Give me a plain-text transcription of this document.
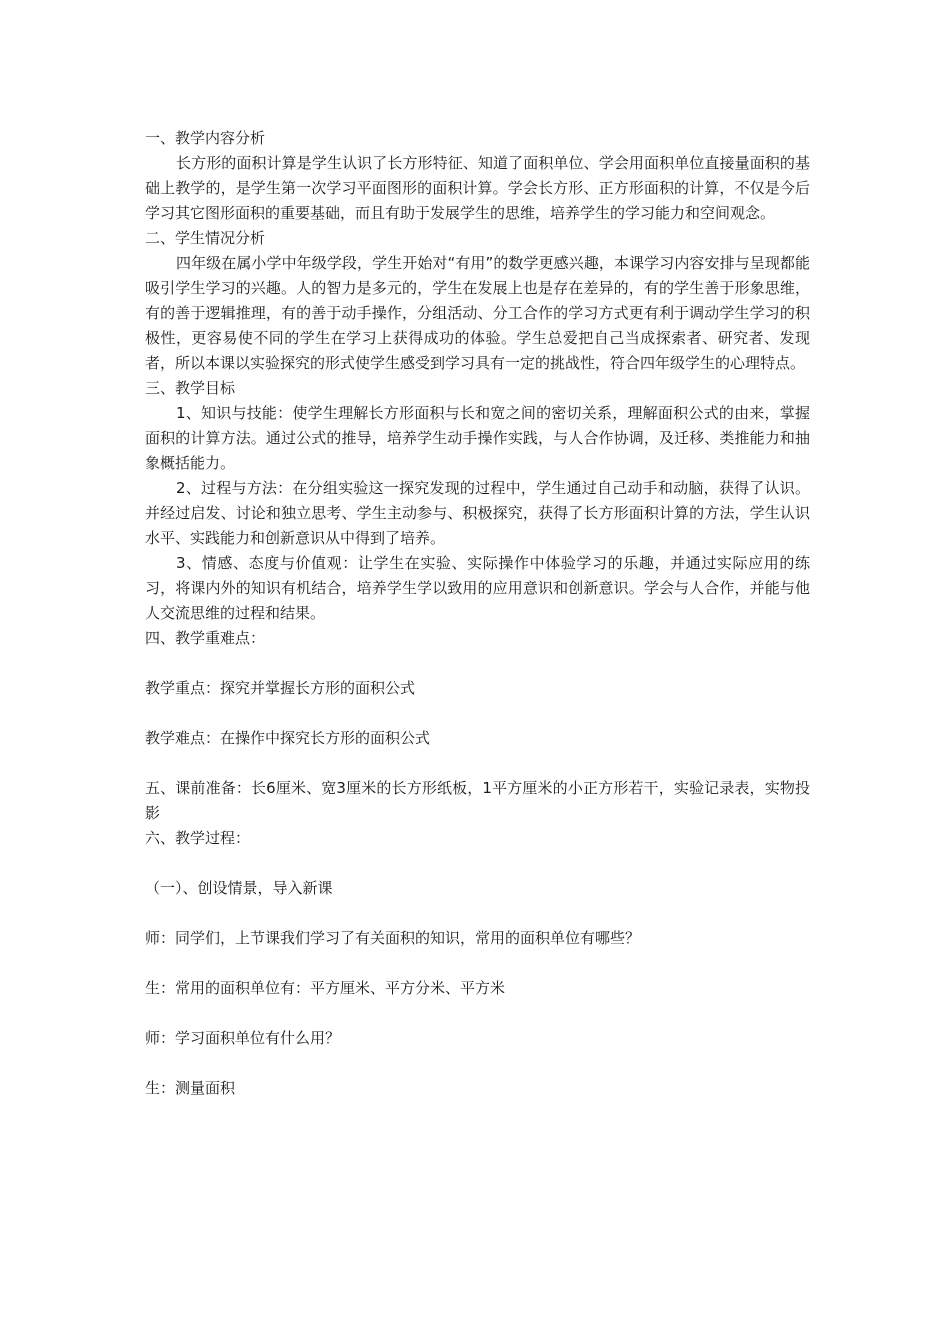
一、教学内容分析

长方形的面积计算是学生认识了长方形特征、知道了面积单位、学会用面积单位直接量面积的基础上教学的，是学生第一次学习平面图形的面积计算。学会长方形、正方形面积的计算，不仅是今后学习其它图形面积的重要基础，而且有助于发展学生的思维，培养学生的学习能力和空间观念。

二、学生情况分析

四年级在属小学中年级学段，学生开始对“有用”的数学更感兴趣，本课学习内容安排与呈现都能吸引学生学习的兴趣。人的智力是多元的，学生在发展上也是存在差异的，有的学生善于形象思维，有的善于逻辑推理，有的善于动手操作，分组活动、分工合作的学习方式更有利于调动学生学习的积极性，更容易使不同的学生在学习上获得成功的体验。学生总爱把自己当成探索者、研究者、发现者，所以本课以实验探究的形式使学生感受到学习具有一定的挑战性，符合四年级学生的心理特点。

三、教学目标

1、知识与技能：使学生理解长方形面积与长和宽之间的密切关系，理解面积公式的由来，掌握面积的计算方法。通过公式的推导，培养学生动手操作实践，与人合作协调，及迁移、类推能力和抽象概括能力。

2、过程与方法：在分组实验这一探究发现的过程中，学生通过自己动手和动脑，获得了认识。并经过启发、讨论和独立思考、学生主动参与、积极探究，获得了长方形面积计算的方法，学生认识水平、实践能力和创新意识从中得到了培养。

3、情感、态度与价值观：让学生在实验、实际操作中体验学习的乐趣，并通过实际应用的练习，将课内外的知识有机结合，培养学生学以致用的应用意识和创新意识。学会与人合作，并能与他人交流思维的过程和结果。

四、教学重难点：

教学重点：探究并掌握长方形的面积公式

教学难点：在操作中探究长方形的面积公式

五、课前准备：长6厘米、宽3厘米的长方形纸板，1平方厘米的小正方形若干，实验记录表，实物投影

六、教学过程：

（一）、创设情景，导入新课

师：同学们，上节课我们学习了有关面积的知识，常用的面积单位有哪些？

生：常用的面积单位有：平方厘米、平方分米、平方米

师：学习面积单位有什么用？

生：测量面积
